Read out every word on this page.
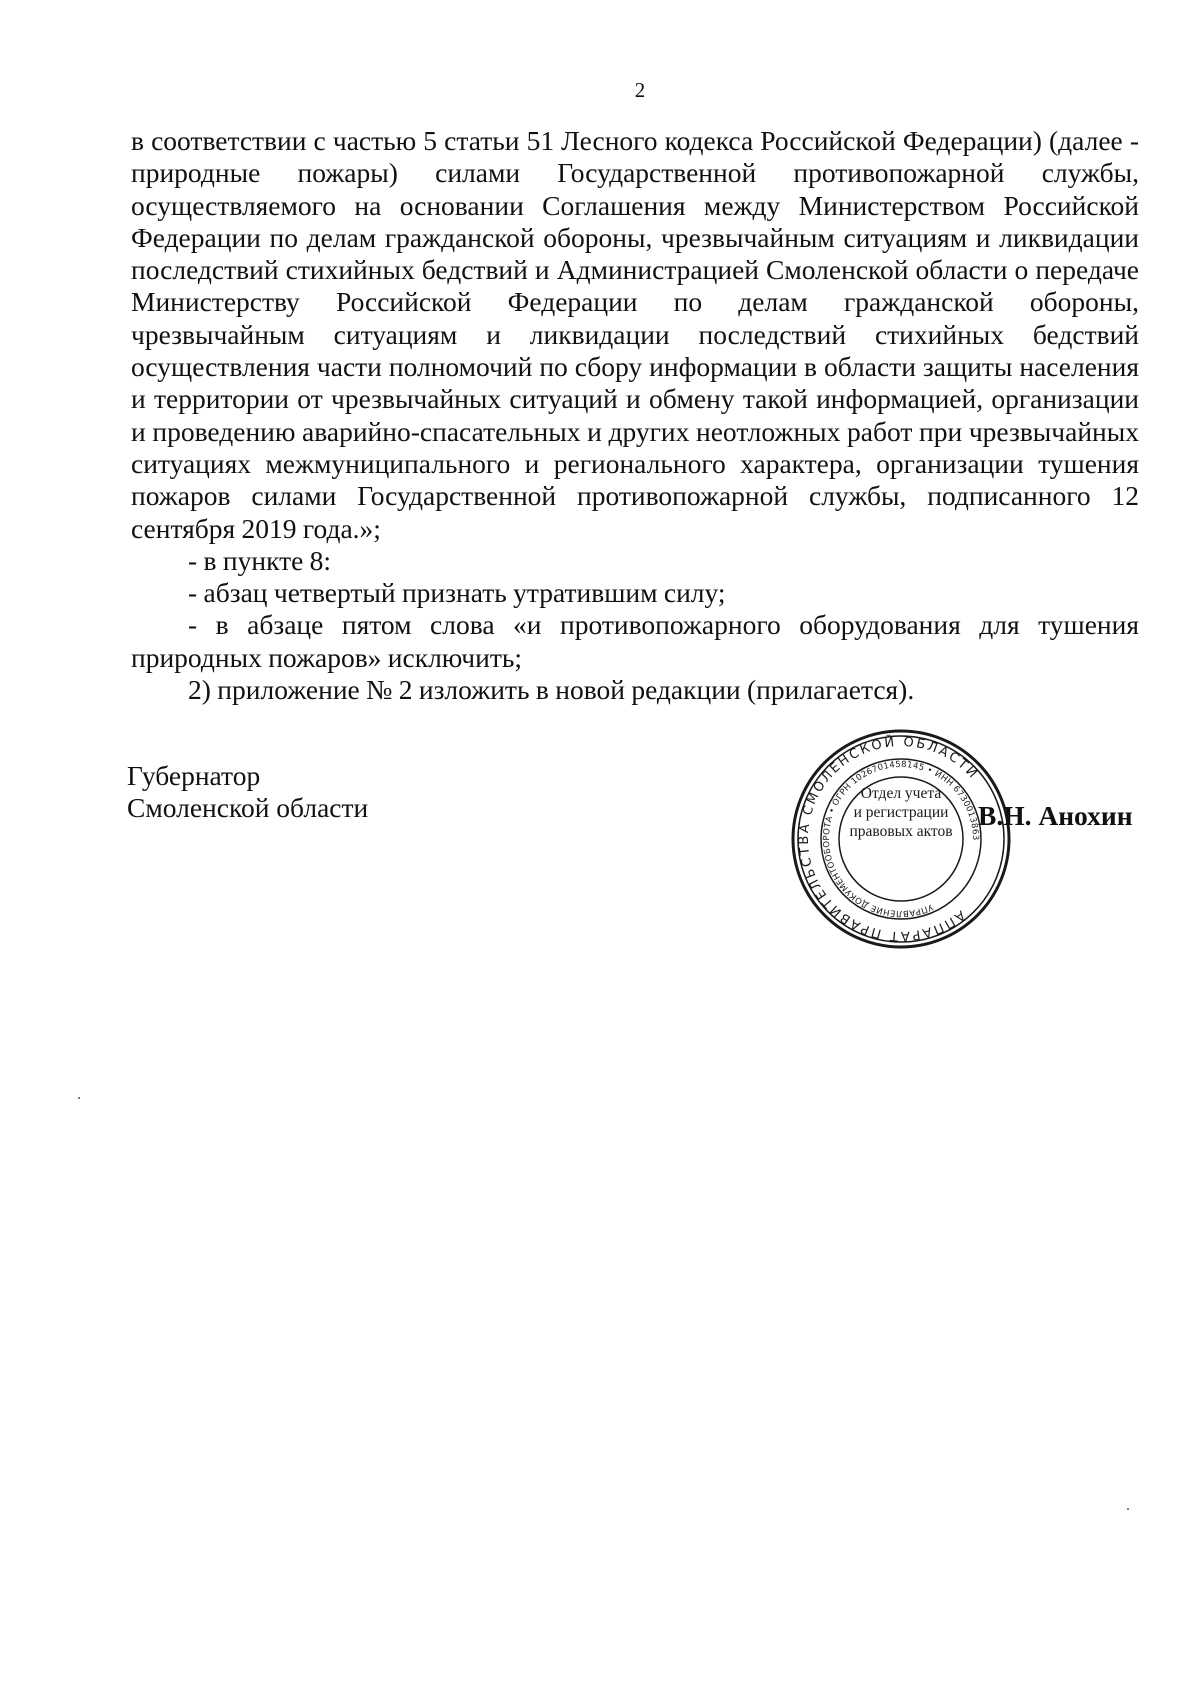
2

в соответствии с частью 5 статьи 51 Лесного кодекса Российской Федерации) (далее - природные пожары) силами Государственной противопожарной службы, осуществляемого на основании Соглашения между Министерством Российской Федерации по делам гражданской обороны, чрезвычайным ситуациям и ликвидации последствий стихийных бедствий и Администрацией Смоленской области о передаче Министерству Российской Федерации по делам гражданской обороны, чрезвычайным ситуациям и ликвидации последствий стихийных бедствий осуществления части полномочий по сбору информации в области защиты населения и территории от чрезвычайных ситуаций и обмену такой информацией, организации и проведению аварийно-спасательных и других неотложных работ при чрезвычайных ситуациях межмуниципального и регионального характера, организации тушения пожаров силами Государственной противопожарной службы, подписанного 12 сентября 2019 года.»;

- в пункте 8:

- абзац четвертый признать утратившим силу;

- в абзаце пятом слова «и противопожарного оборудования для тушения природных пожаров» исключить;

2) приложение № 2 изложить в новой редакции (прилагается).

Губернатор
Смоленской области
АППАРАТ ПРАВИТЕЛЬСТВА СМОЛЕНСКОЙ ОБЛАСТИ
УПРАВЛЕНИЕ ДОКУМЕНТООБОРОТА • ОГРН 1026701458145 • ИНН 6730013863
Отдел учета
и регистрации
правовых актов
В.Н. Анохин
